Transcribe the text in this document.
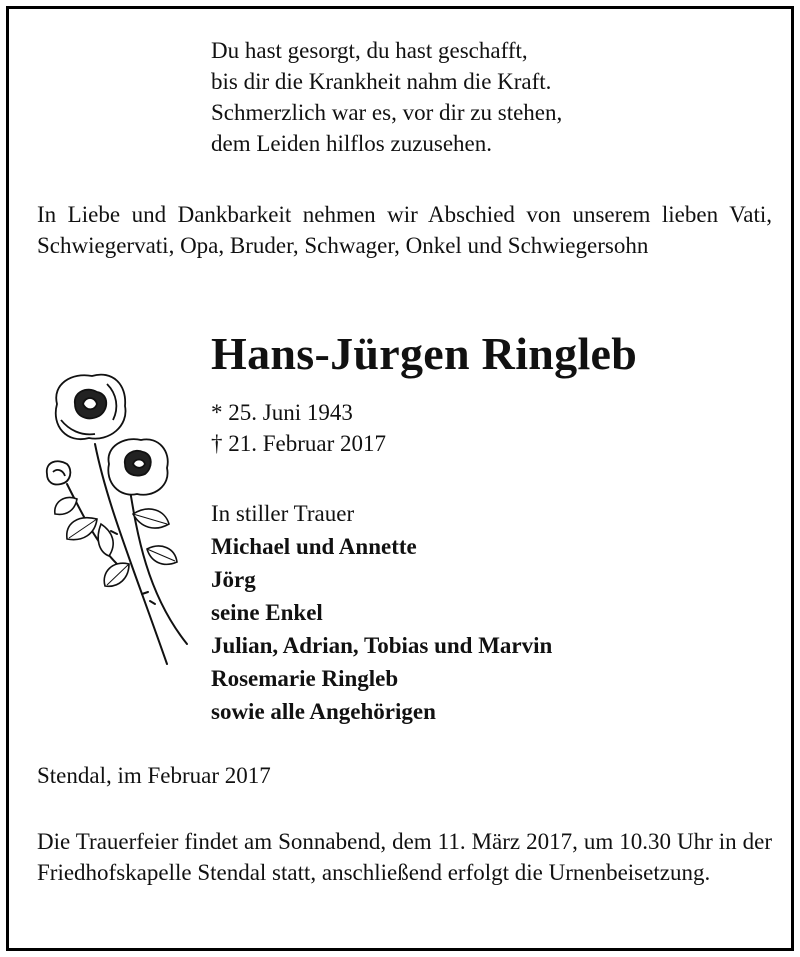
Du hast gesorgt, du hast geschafft,
bis dir die Krankheit nahm die Kraft.
Schmerzlich war es, vor dir zu stehen,
dem Leiden hilflos zuzusehen.
In Liebe und Dankbarkeit nehmen wir Abschied von unserem lieben Vati, Schwiegervati, Opa, Bruder, Schwager, Onkel und Schwiegersohn
Hans-Jürgen Ringleb
* 25. Juni 1943
† 21. Februar 2017
In stiller Trauer
Michael und Annette
Jörg
seine Enkel
Julian, Adrian, Tobias und Marvin
Rosemarie Ringleb
sowie alle Angehörigen
Stendal, im Februar 2017
Die Trauerfeier findet am Sonnabend, dem 11. März 2017, um 10.30 Uhr in der Friedhofskapelle Stendal statt, anschließend erfolgt die Urnenbeisetzung.
